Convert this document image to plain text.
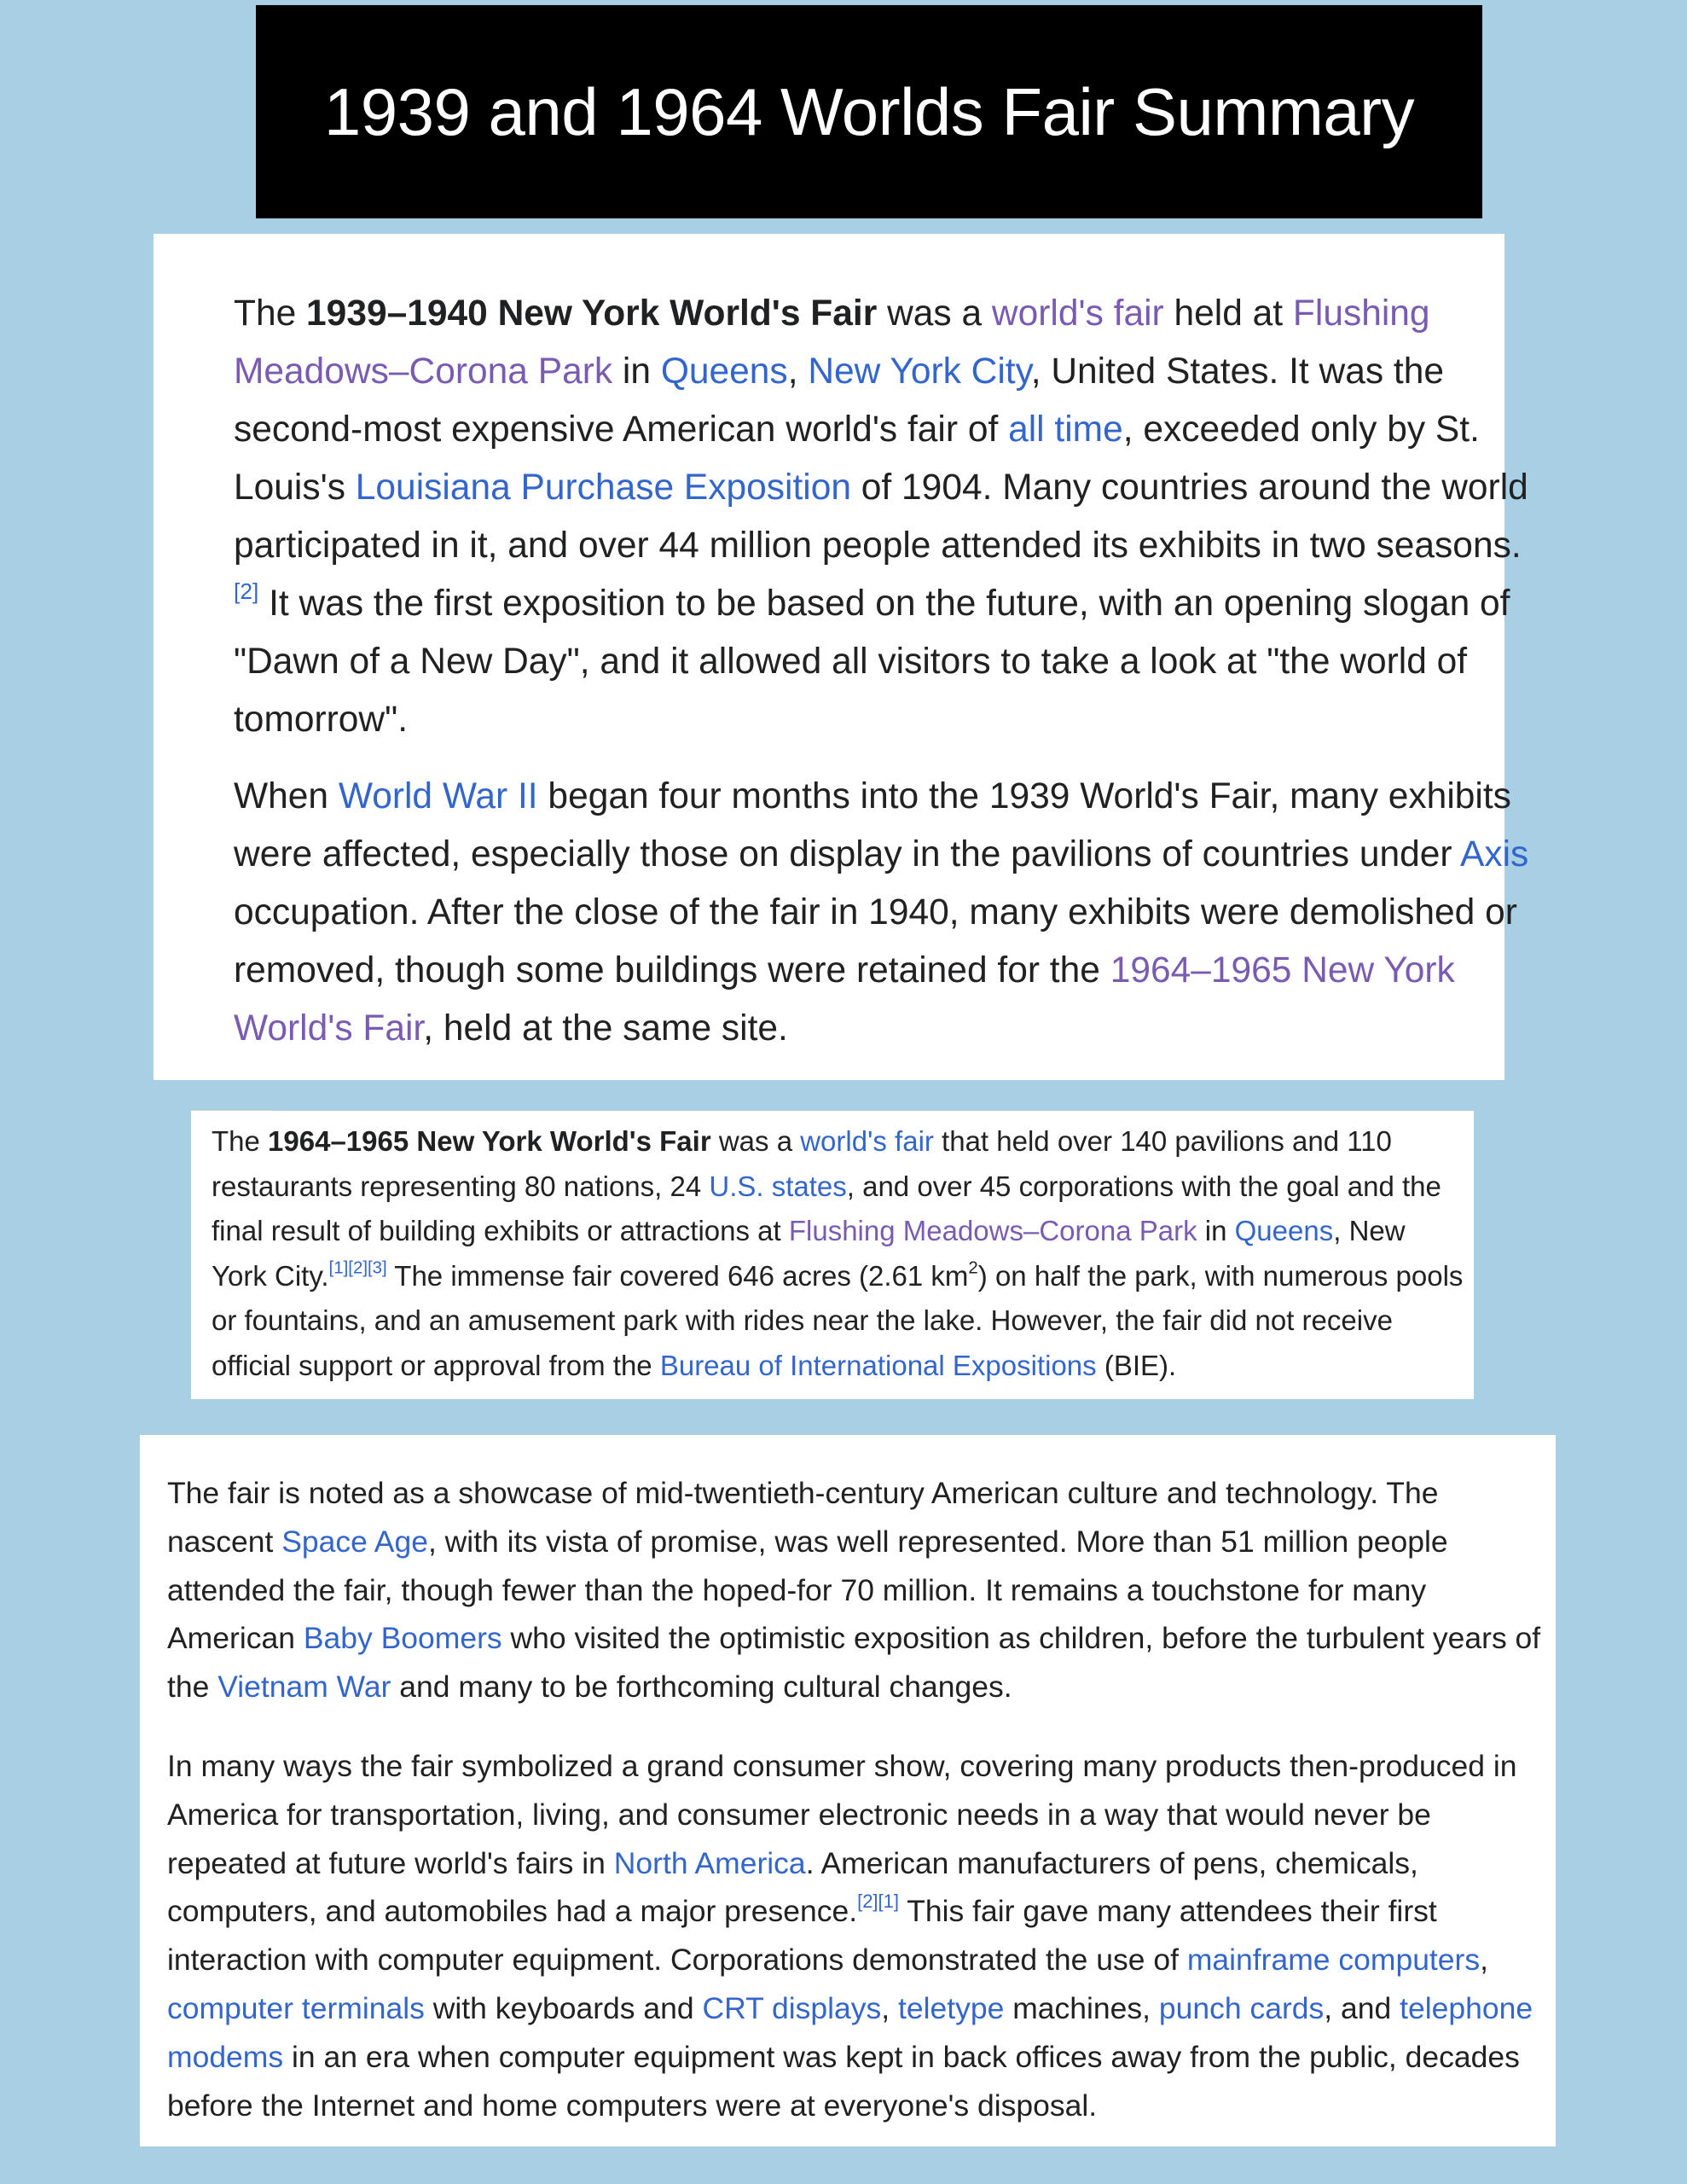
1939 and 1964 Worlds Fair Summary

The 1939–1940 New York World's Fair was a world's fair held at Flushing Meadows–Corona Park in Queens, New York City, United States. It was the second-most expensive American world's fair of all time, exceeded only by St. Louis's Louisiana Purchase Exposition of 1904. Many countries around the world participated in it, and over 44 million people attended its exhibits in two seasons.[2] It was the first exposition to be based on the future, with an opening slogan of "Dawn of a New Day", and it allowed all visitors to take a look at "the world of tomorrow".

When World War II began four months into the 1939 World's Fair, many exhibits were affected, especially those on display in the pavilions of countries under Axis occupation. After the close of the fair in 1940, many exhibits were demolished or removed, though some buildings were retained for the 1964–1965 New York World's Fair, held at the same site.

The 1964–1965 New York World's Fair was a world's fair that held over 140 pavilions and 110 restaurants representing 80 nations, 24 U.S. states, and over 45 corporations with the goal and the final result of building exhibits or attractions at Flushing Meadows–Corona Park in Queens, New York City.[1][2][3] The immense fair covered 646 acres (2.61 $km^2$) on half the park, with numerous pools or fountains, and an amusement park with rides near the lake. However, the fair did not receive official support or approval from the Bureau of International Expositions (BIE).

The fair is noted as a showcase of mid-twentieth-century American culture and technology. The nascent Space Age, with its vista of promise, was well represented. More than 51 million people attended the fair, though fewer than the hoped-for 70 million. It remains a touchstone for many American Baby Boomers who visited the optimistic exposition as children, before the turbulent years of the Vietnam War and many to be forthcoming cultural changes.

In many ways the fair symbolized a grand consumer show, covering many products then-produced in America for transportation, living, and consumer electronic needs in a way that would never be repeated at future world's fairs in North America. American manufacturers of pens, chemicals, computers, and automobiles had a major presence.[2][1] This fair gave many attendees their first interaction with computer equipment. Corporations demonstrated the use of mainframe computers, computer terminals with keyboards and CRT displays, teletype machines, punch cards, and telephone modems in an era when computer equipment was kept in back offices away from the public, decades before the Internet and home computers were at everyone's disposal.
